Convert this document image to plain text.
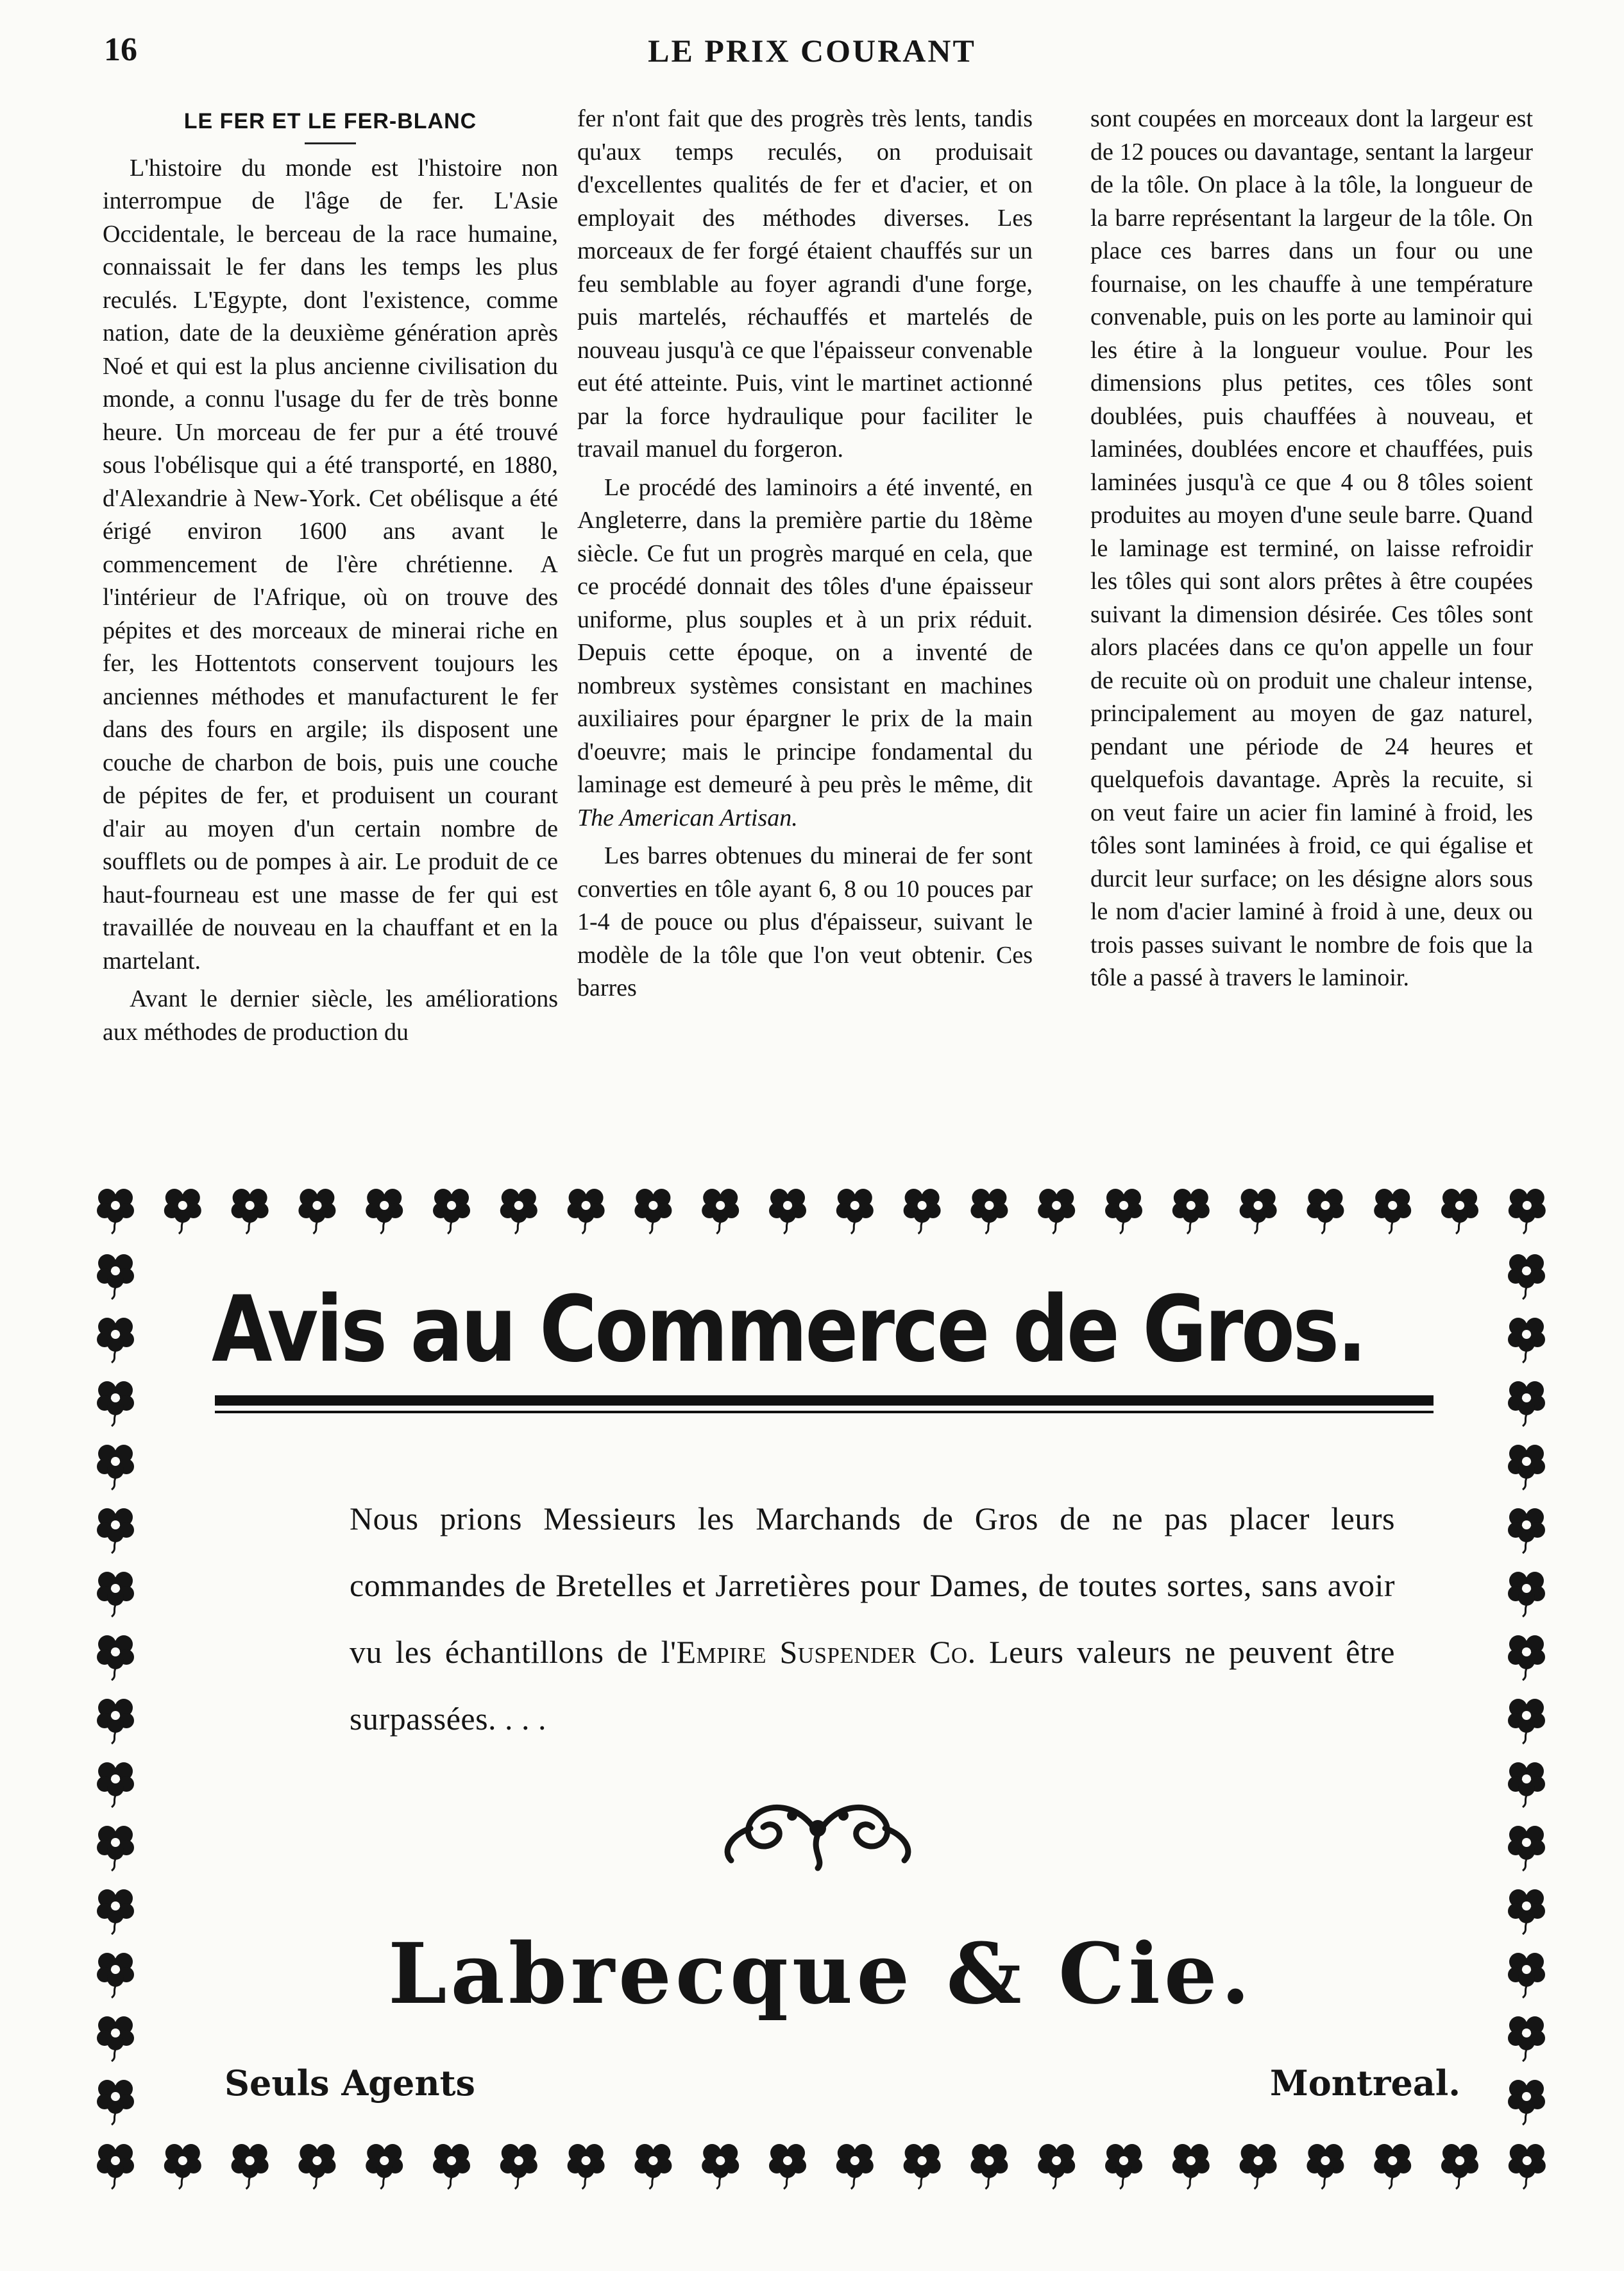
16	LE PRIX COURANT
LE FER ET LE FER-BLANC

L'histoire du monde est l'histoire non interrompue de l'âge de fer. L'Asie Occidentale, le berceau de la race humaine, connaissait le fer dans les temps les plus reculés. L'Egypte, dont l'existence, comme nation, date de la deuxième génération après Noé et qui est la plus ancienne civilisation du monde, a connu l'usage du fer de très bonne heure. Un morceau de fer pur a été trouvé sous l'obélisque qui a été transporté, en 1880, d'Alexandrie à New-York. Cet obélisque a été érigé environ 1600 ans avant le commencement de l'ère chrétienne. A l'intérieur de l'Afrique, où on trouve des pépites et des morceaux de minerai riche en fer, les Hottentots conservent toujours les anciennes méthodes et manufacturent le fer dans des fours en argile; ils disposent une couche de charbon de bois, puis une couche de pépites de fer, et produisent un courant d'air au moyen d'un certain nombre de soufflets ou de pompes à air. Le produit de ce haut-fourneau est une masse de fer qui est travaillée de nouveau en la chauffant et en la martelant.

Avant le dernier siècle, les améliorations aux méthodes de production du

fer n'ont fait que des progrès très lents, tandis qu'aux temps reculés, on produisait d'excellentes qualités de fer et d'acier, et on employait des méthodes diverses. Les morceaux de fer forgé étaient chauffés sur un feu semblable au foyer agrandi d'une forge, puis martelés, réchauffés et martelés de nouveau jusqu'à ce que l'épaisseur convenable eut été atteinte. Puis, vint le martinet actionné par la force hydraulique pour faciliter le travail manuel du forgeron.

Le procédé des laminoirs a été inventé, en Angleterre, dans la première partie du 18ème siècle. Ce fut un progrès marqué en cela, que ce procédé donnait des tôles d'une épaisseur uniforme, plus souples et à un prix réduit. Depuis cette époque, on a inventé de nombreux systèmes consistant en machines auxiliaires pour épargner le prix de la main d'oeuvre; mais le principe fondamental du laminage est demeuré à peu près le même, dit The American Artisan.

Les barres obtenues du minerai de fer sont converties en tôle ayant 6, 8 ou 10 pouces par 1-4 de pouce ou plus d'épaisseur, suivant le modèle de la tôle que l'on veut obtenir. Ces barres

sont coupées en morceaux dont la largeur est de 12 pouces ou davantage, sentant la largeur de la tôle. On place à la tôle, la longueur de la barre représentant la largeur de la tôle. On place ces barres dans un four ou une fournaise, on les chauffe à une température convenable, puis on les porte au laminoir qui les étire à la longueur voulue. Pour les dimensions plus petites, ces tôles sont doublées, puis chauffées à nouveau, et laminées, doublées encore et chauffées, puis laminées jusqu'à ce que 4 ou 8 tôles soient produites au moyen d'une seule barre. Quand le laminage est terminé, on laisse refroidir les tôles qui sont alors prêtes à être coupées suivant la dimension désirée. Ces tôles sont alors placées dans ce qu'on appelle un four de recuite où on produit une chaleur intense, principalement au moyen de gaz naturel, pendant une période de 24 heures et quelquefois davantage. Après la recuite, si on veut faire un acier fin laminé à froid, les tôles sont laminées à froid, ce qui égalise et durcit leur surface; on les désigne alors sous le nom d'acier laminé à froid à une, deux ou trois passes suivant le nombre de fois que la tôle a passé à travers le laminoir.

Avis au Commerce de Gros.
Nous prions Messieurs les Marchands de Gros de ne pas placer leurs commandes de Bretelles et Jarretières pour Dames, de toutes sortes, sans avoir vu les échantillons de l'Empire Suspender Co. Leurs valeurs ne peuvent être surpassées. . . .
Labrecque & Cie.
Seuls Agents	Montreal.
